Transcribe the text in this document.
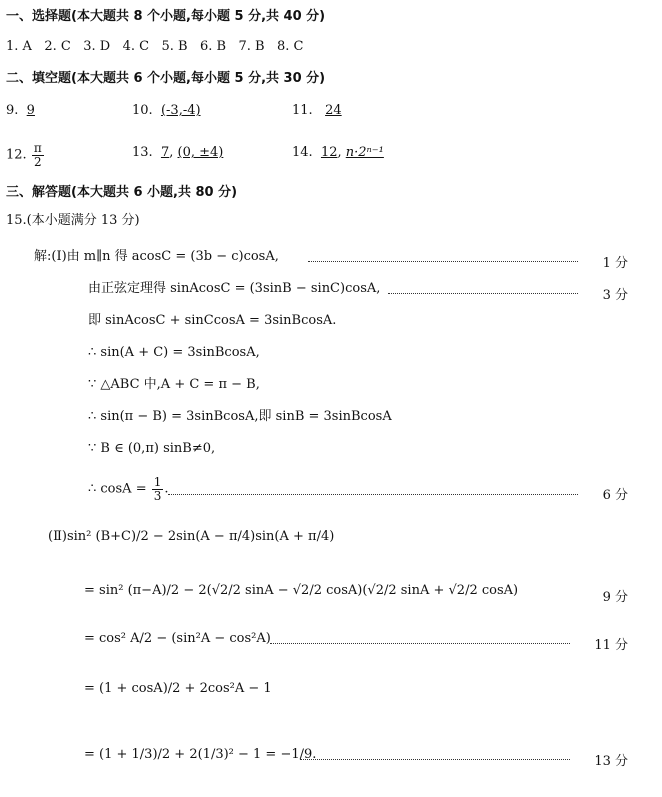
一、选择题(本大题共 8 个小题,每小题 5 分,共 40 分)
1. A 2. C 3. D 4. C 5. B 6. B 7. B 8. C
二、填空题(本大题共 6 个小题,每小题 5 分,共 30 分)
9. 9	10. (-3,-4)	11. 24
12. $\frac{\pi}{2}$	13. 7, (0, ±4)	14. 12, n·2ⁿ⁻¹
三、解答题(本大题共 6 小题,共 80 分)
15.(本小题满分 13 分)
解:(Ⅰ)由 m∥n 得 acosC = (3b − c)cosA,	1 分
由正弦定理得 sinAcosC = (3sinB − sinC)cosA,	3 分
即 sinAcosC + sinCcosA = 3sinBcosA.
∴ sin(A + C) = 3sinBcosA,
∵ △ABC 中,A + C = π − B,
∴ sin(π − B) = 3sinBcosA,即 sinB = 3sinBcosA
∵ B ∈ (0,π) sinB≠0,
∴ $\cos A = \frac{1}{3}$ .	6 分
(Ⅱ)sin² (B+C)/2 − 2sin(A − π/4)sin(A + π/4)
= sin² (π−A)/2 − 2(√2/2 sinA − √2/2 cosA)(√2/2 sinA + √2/2 cosA)	9 分
= cos² A/2 − (sin²A − cos²A)	11 分
= (1 + cosA)/2 + 2cos²A − 1
= (1 + 1/3)/2 + 2(1/3)² − 1 = −1/9.	13 分
